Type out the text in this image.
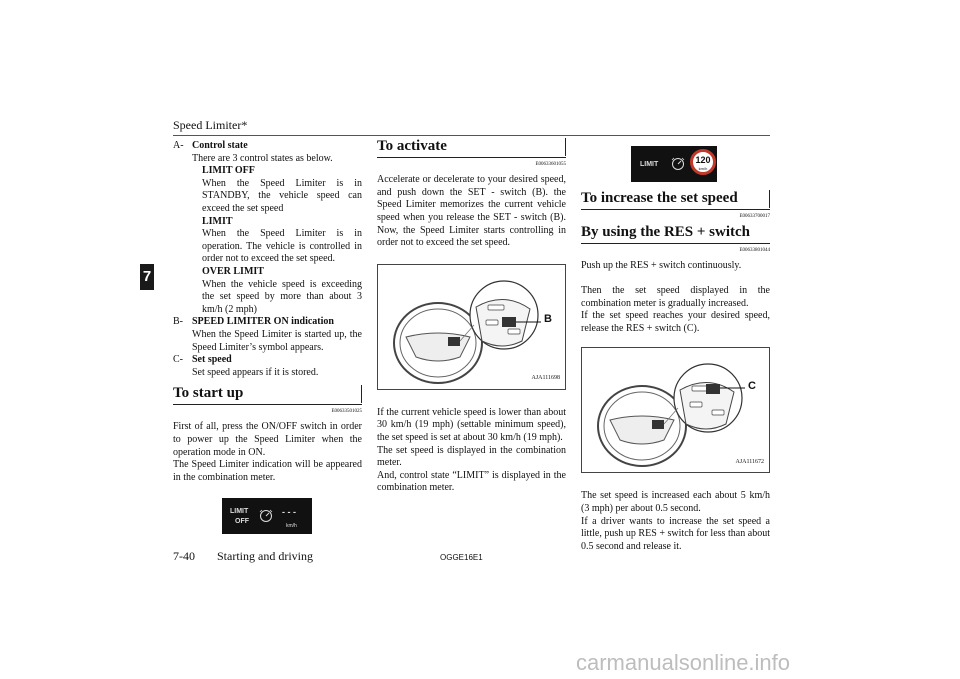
Speed Limiter*
7
A- Control state
There are 3 control states as below.
LIMIT OFF
When the Speed Limiter is in STANDBY, the vehicle speed can exceed the set speed
LIMIT
When the Speed Limiter is in operation. The vehicle is controlled in order not to exceed the set speed.
OVER LIMIT
When the vehicle speed is exceeding the set speed by more than about 3 km/h (2 mph)
B- SPEED LIMITER ON indication
When the Speed Limiter is started up, the Speed Limiter’s symbol appears.
C- Set speed
Set speed appears if it is stored.
To start up
E00633501025
First of all, press the ON/OFF switch in order to power up the Speed Limiter when the operation mode in ON.
The Speed Limiter indication will be appeared in the combination meter.
LIMIT
OFF
- - -
km/h
To activate
E00633601055
Accelerate or decelerate to your desired speed, and push down the SET - switch (B). the Speed Limiter memorizes the current vehicle speed when you release the SET - switch (B). Now, the Speed Limiter starts controlling in order not to exceed the set speed.
B
AJA111698
If the current vehicle speed is lower than about 30 km/h (19 mph) (settable minimum speed), the set speed is set at about 30 km/h (19 mph).
The set speed is displayed in the combination meter.
And, control state “LIMIT” is displayed in the combination meter.
LIMIT	120
km/h
To increase the set speed
E00633700017
By using the RES + switch
E00633801044
Push up the RES + switch continuously.
Then the set speed displayed in the combination meter is gradually increased.
If the set speed reaches your desired speed, release the RES + switch (C).
C
AJA111672
The set speed is increased each about 5 km/h (3 mph) per about 0.5 second.
If a driver wants to increase the set speed a little, push up RES + switch for less than about 0.5 second and release it.
7-40 Starting and driving	OGGE16E1
carmanualsonline.info
